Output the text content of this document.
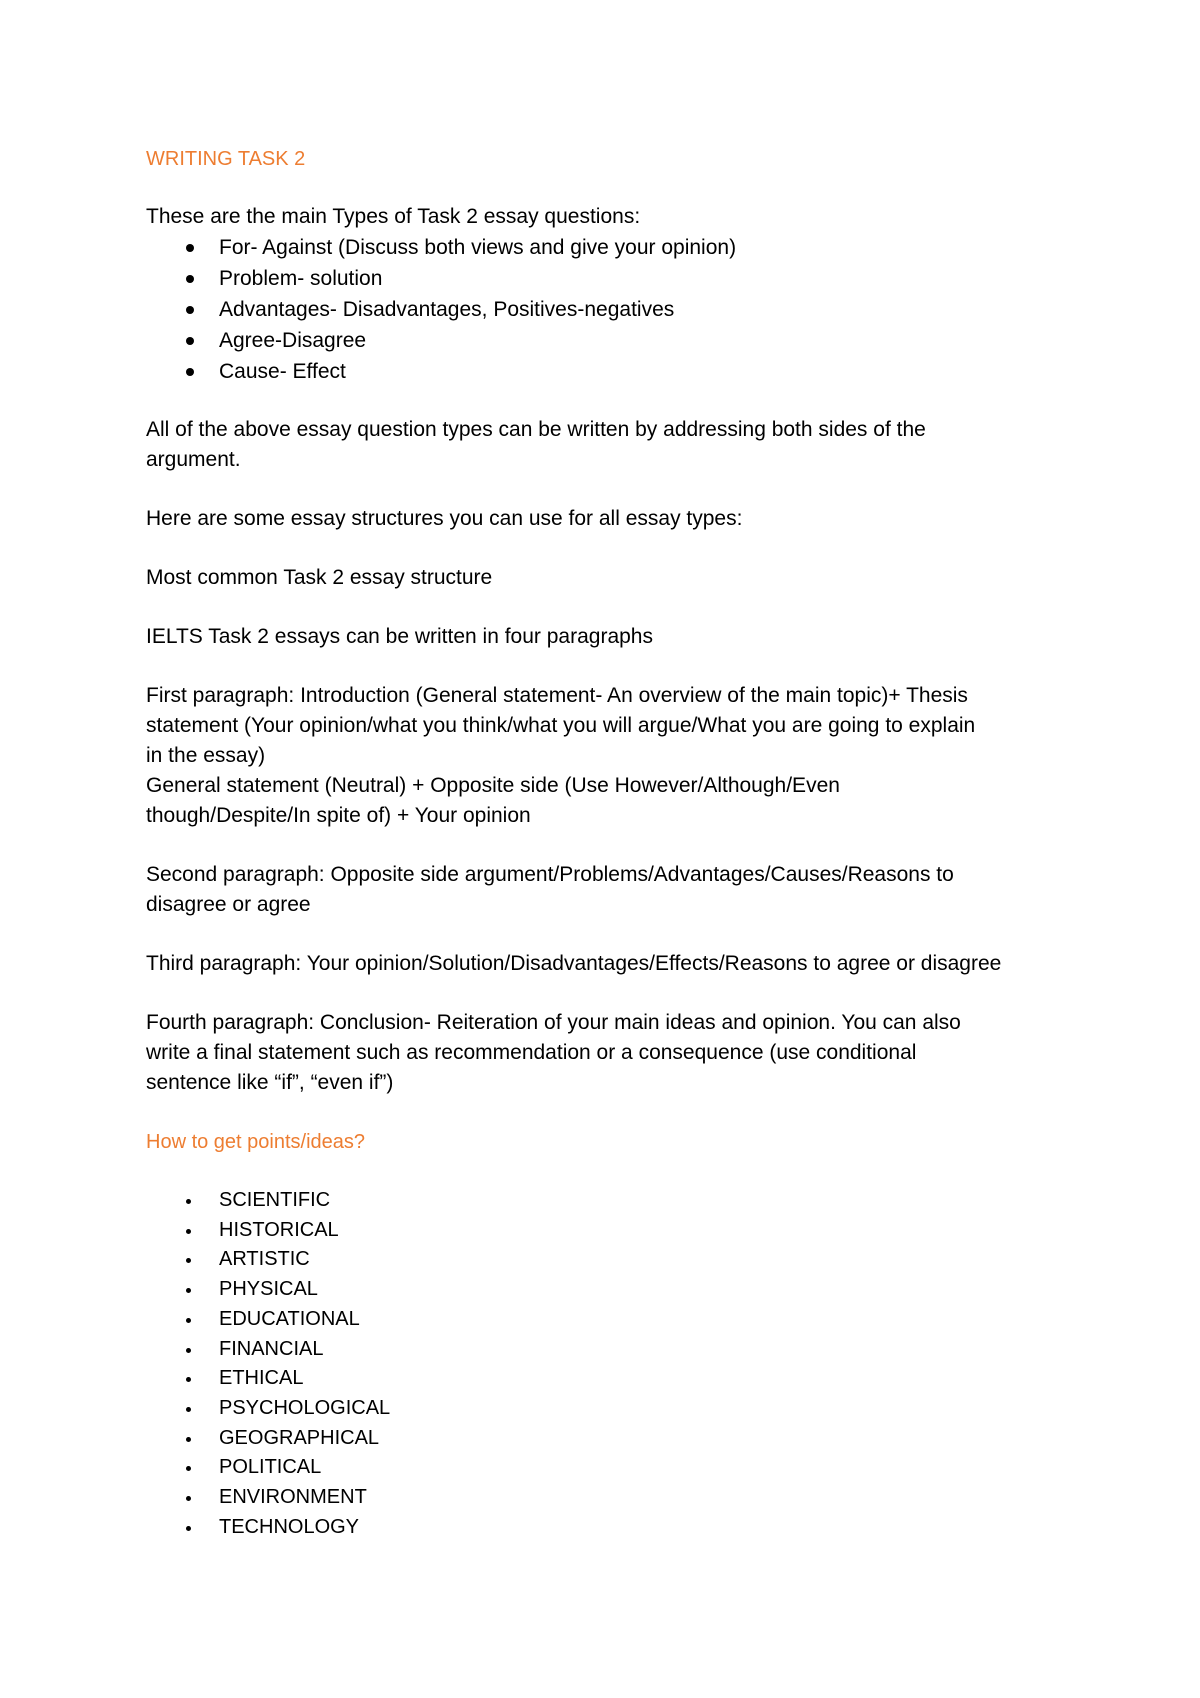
WRITING TASK 2
These are the main Types of Task 2 essay questions:
For- Against (Discuss both views and give your opinion)
Problem- solution
Advantages- Disadvantages, Positives-negatives
Agree-Disagree
Cause- Effect
All of the above essay question types can be written by addressing both sides of the
argument.
Here are some essay structures you can use for all essay types:
Most common Task 2 essay structure
IELTS Task 2 essays can be written in four paragraphs
First paragraph: Introduction (General statement- An overview of the main topic)+ Thesis
statement (Your opinion/what you think/what you will argue/What you are going to explain
in the essay)
General statement (Neutral) + Opposite side (Use However/Although/Even
though/Despite/In spite of) + Your opinion
Second paragraph: Opposite side argument/Problems/Advantages/Causes/Reasons to
disagree or agree
Third paragraph: Your opinion/Solution/Disadvantages/Effects/Reasons to agree or disagree
Fourth paragraph: Conclusion- Reiteration of your main ideas and opinion. You can also
write a final statement such as recommendation or a consequence (use conditional
sentence like “if”, “even if”)
How to get points/ideas?
SCIENTIFIC
HISTORICAL
ARTISTIC
PHYSICAL
EDUCATIONAL
FINANCIAL
ETHICAL
PSYCHOLOGICAL
GEOGRAPHICAL
POLITICAL
ENVIRONMENT
TECHNOLOGY
